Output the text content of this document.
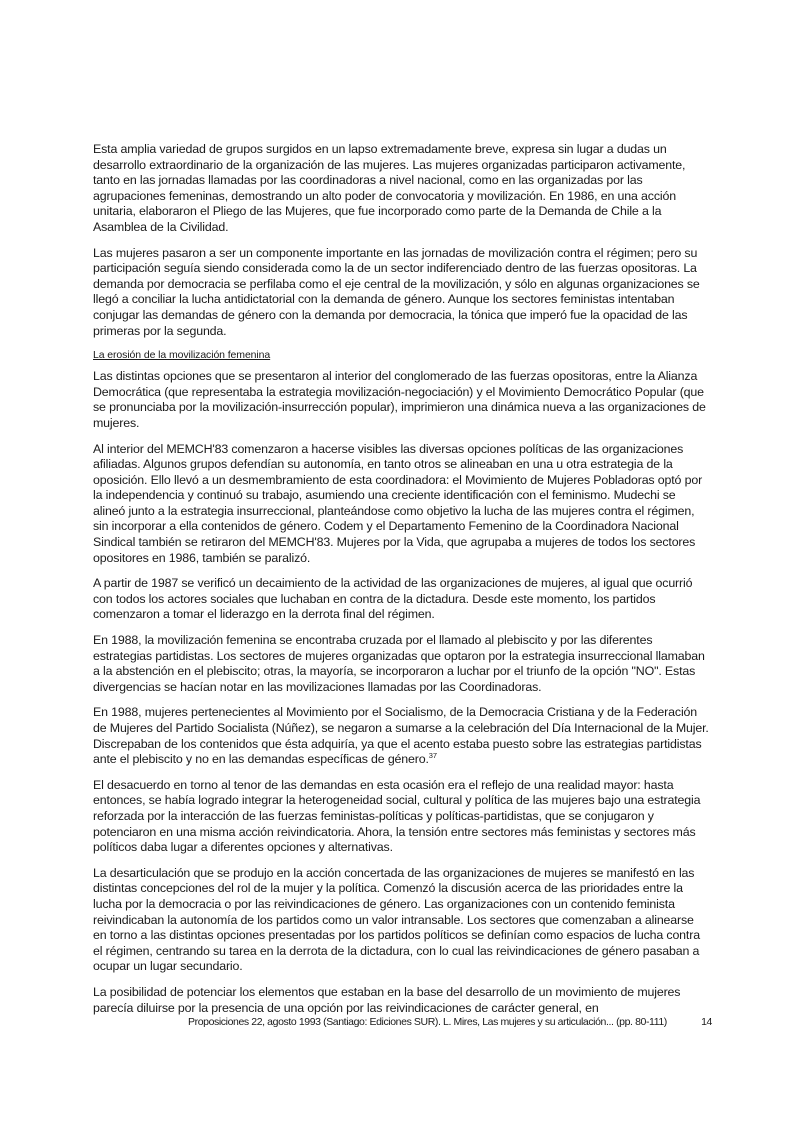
Esta amplia variedad de grupos surgidos en un lapso extremadamente breve, expresa sin lugar a dudas un desarrollo extraordinario de la organización de las mujeres. Las mujeres organizadas participaron activamente, tanto en las jornadas llamadas por las coordinadoras a nivel nacional, como en las organizadas por las agrupaciones femeninas, demostrando un alto poder de convocatoria y movilización. En 1986, en una acción unitaria, elaboraron el Pliego de las Mujeres, que fue incorporado como parte de la Demanda de Chile a la Asamblea de la Civilidad.

Las mujeres pasaron a ser un componente importante en las jornadas de movilización contra el régimen; pero su participación seguía siendo considerada como la de un sector indiferenciado dentro de las fuerzas opositoras. La demanda por democracia se perfilaba como el eje central de la movilización, y sólo en algunas organizaciones se llegó a conciliar la lucha antidictatorial con la demanda de género. Aunque los sectores feministas intentaban conjugar las demandas de género con la demanda por democracia, la tónica que imperó fue la opacidad de las primeras por la segunda.

La erosión de la movilización femenina

Las distintas opciones que se presentaron al interior del conglomerado de las fuerzas opositoras, entre la Alianza Democrática (que representaba la estrategia movilización-negociación) y el Movimiento Democrático Popular (que se pronunciaba por la movilización-insurrección popular), imprimieron una dinámica nueva a las organizaciones de mujeres.

Al interior del MEMCH'83 comenzaron a hacerse visibles las diversas opciones políticas de las organizaciones afiliadas. Algunos grupos defendían su autonomía, en tanto otros se alineaban en una u otra estrategia de la oposición. Ello llevó a un desmembramiento de esta coordinadora: el Movimiento de Mujeres Pobladoras optó por la independencia y continuó su trabajo, asumiendo una creciente identificación con el feminismo. Mudechi se alineó junto a la estrategia insurreccional, planteándose como objetivo la lucha de las mujeres contra el régimen, sin incorporar a ella contenidos de género. Codem y el Departamento Femenino de la Coordinadora Nacional Sindical también se retiraron del MEMCH'83. Mujeres por la Vida, que agrupaba a mujeres de todos los sectores opositores en 1986, también se paralizó.

A partir de 1987 se verificó un decaimiento de la actividad de las organizaciones de mujeres, al igual que ocurrió con todos los actores sociales que luchaban en contra de la dictadura. Desde este momento, los partidos comenzaron a tomar el liderazgo en la derrota final del régimen.

En 1988, la movilización femenina se encontraba cruzada por el llamado al plebiscito y por las diferentes estrategias partidistas. Los sectores de mujeres organizadas que optaron por la estrategia insurreccional llamaban a la abstención en el plebiscito; otras, la mayoría, se incorporaron a luchar por el triunfo de la opción "NO". Estas divergencias se hacían notar en las movilizaciones llamadas por las Coordinadoras.

En 1988, mujeres pertenecientes al Movimiento por el Socialismo, de la Democracia Cristiana y de la Federación de Mujeres del Partido Socialista (Núñez), se negaron a sumarse a la celebración del Día Internacional de la Mujer. Discrepaban de los contenidos que ésta adquiría, ya que el acento estaba puesto sobre las estrategias partidistas ante el plebiscito y no en las demandas específicas de género.$^{37}$

El desacuerdo en torno al tenor de las demandas en esta ocasión era el reflejo de una realidad mayor: hasta entonces, se había logrado integrar la heterogeneidad social, cultural y política de las mujeres bajo una estrategia reforzada por la interacción de las fuerzas feministas-políticas y políticas-partidistas, que se conjugaron y potenciaron en una misma acción reivindicatoria. Ahora, la tensión entre sectores más feministas y sectores más políticos daba lugar a diferentes opciones y alternativas.

La desarticulación que se produjo en la acción concertada de las organizaciones de mujeres se manifestó en las distintas concepciones del rol de la mujer y la política. Comenzó la discusión acerca de las prioridades entre la lucha por la democracia o por las reivindicaciones de género. Las organizaciones con un contenido feminista reivindicaban la autonomía de los partidos como un valor intransable. Los sectores que comenzaban a alinearse en torno a las distintas opciones presentadas por los partidos políticos se definían como espacios de lucha contra el régimen, centrando su tarea en la derrota de la dictadura, con lo cual las reivindicaciones de género pasaban a ocupar un lugar secundario.

La posibilidad de potenciar los elementos que estaban en la base del desarrollo de un movimiento de mujeres parecía diluirse por la presencia de una opción por las reivindicaciones de carácter general, en

Proposiciones 22, agosto 1993 (Santiago: Ediciones SUR). L. Mires, Las mujeres y su articulación... (pp. 80-111)	14
